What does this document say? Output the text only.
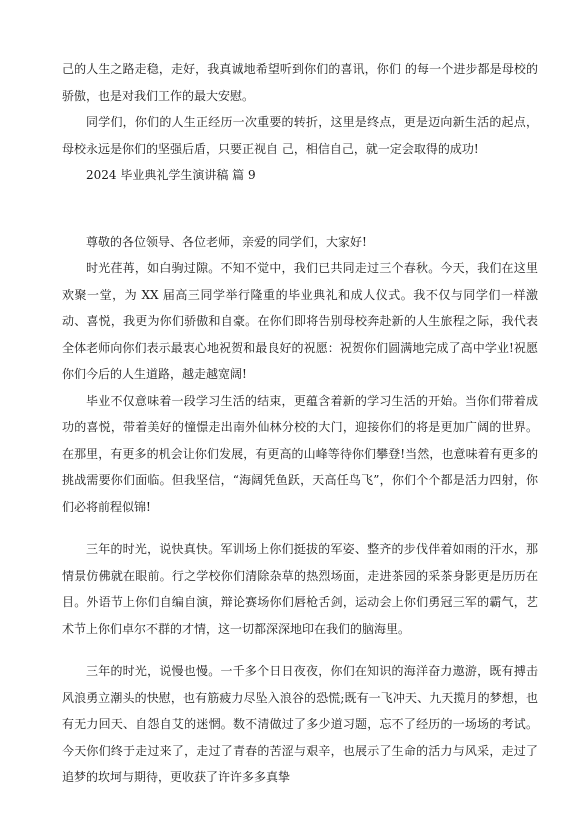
己的人生之路走稳，走好，我真诚地希望听到你们的喜讯，你们 的每一个进步都是母校的骄傲，也是对我们工作的最大安慰。

同学们，你们的人生正经历一次重要的转折，这里是终点，更是迈向新生活的起点，母校永远是你们的坚强后盾，只要正视自 己，相信自己，就一定会取得的成功!

2024 毕业典礼学生演讲稿 篇 9

尊敬的各位领导、各位老师，亲爱的同学们，大家好!

时光荏苒，如白驹过隙。不知不觉中，我们已共同走过三个春秋。今天，我们在这里欢聚一堂，为 XX 届高三同学举行隆重的毕业典礼和成人仪式。我不仅与同学们一样激动、喜悦，我更为你们骄傲和自豪。在你们即将告别母校奔赴新的人生旅程之际，我代表全体老师向你们表示最衷心地祝贺和最良好的祝愿：祝贺你们圆满地完成了高中学业!祝愿你们今后的人生道路，越走越宽阔!

毕业不仅意味着一段学习生活的结束，更蕴含着新的学习生活的开始。当你们带着成功的喜悦，带着美好的憧憬走出南外仙林分校的大门，迎接你们的将是更加广阔的世界。在那里，有更多的机会让你们发展，有更高的山峰等待你们攀登!当然，也意味着有更多的挑战需要你们面临。但我坚信，“海阔凭鱼跃，天高任鸟飞”，你们个个都是活力四射，你们必将前程似锦!

三年的时光，说快真快。军训场上你们挺拔的军姿、整齐的步伐伴着如雨的汗水，那情景仿佛就在眼前。行之学校你们清除杂草的热烈场面，走进茶园的采茶身影更是历历在目。外语节上你们自编自演，辩论赛场你们唇枪舌剑，运动会上你们勇冠三军的霸气，艺术节上你们卓尔不群的才情，这一切都深深地印在我们的脑海里。

三年的时光，说慢也慢。一千多个日日夜夜，你们在知识的海洋奋力遨游，既有搏击风浪勇立潮头的快慰，也有筋疲力尽坠入浪谷的恐慌;既有一飞冲天、九天揽月的梦想，也有无力回天、自怨自艾的迷惘。数不清做过了多少道习题，忘不了经历的一场场的考试。今天你们终于走过来了，走过了青春的苦涩与艰辛，也展示了生命的活力与风采，走过了追梦的坎坷与期待，更收获了许许多多真挚
